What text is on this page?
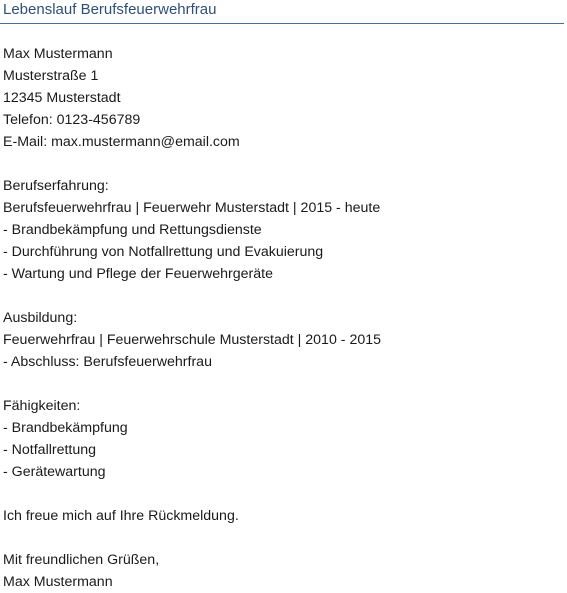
Lebenslauf Berufsfeuerwehrfrau
Max Mustermann
Musterstraße 1
12345 Musterstadt
Telefon: 0123-456789
E-Mail: max.mustermann@email.com
Berufserfahrung:
Berufsfeuerwehrfrau | Feuerwehr Musterstadt | 2015 - heute
- Brandbekämpfung und Rettungsdienste
- Durchführung von Notfallrettung und Evakuierung
- Wartung und Pflege der Feuerwehrgeräte
Ausbildung:
Feuerwehrfrau | Feuerwehrschule Musterstadt | 2010 - 2015
- Abschluss: Berufsfeuerwehrfrau
Fähigkeiten:
- Brandbekämpfung
- Notfallrettung
- Gerätewartung
Ich freue mich auf Ihre Rückmeldung.
Mit freundlichen Grüßen,
Max Mustermann
